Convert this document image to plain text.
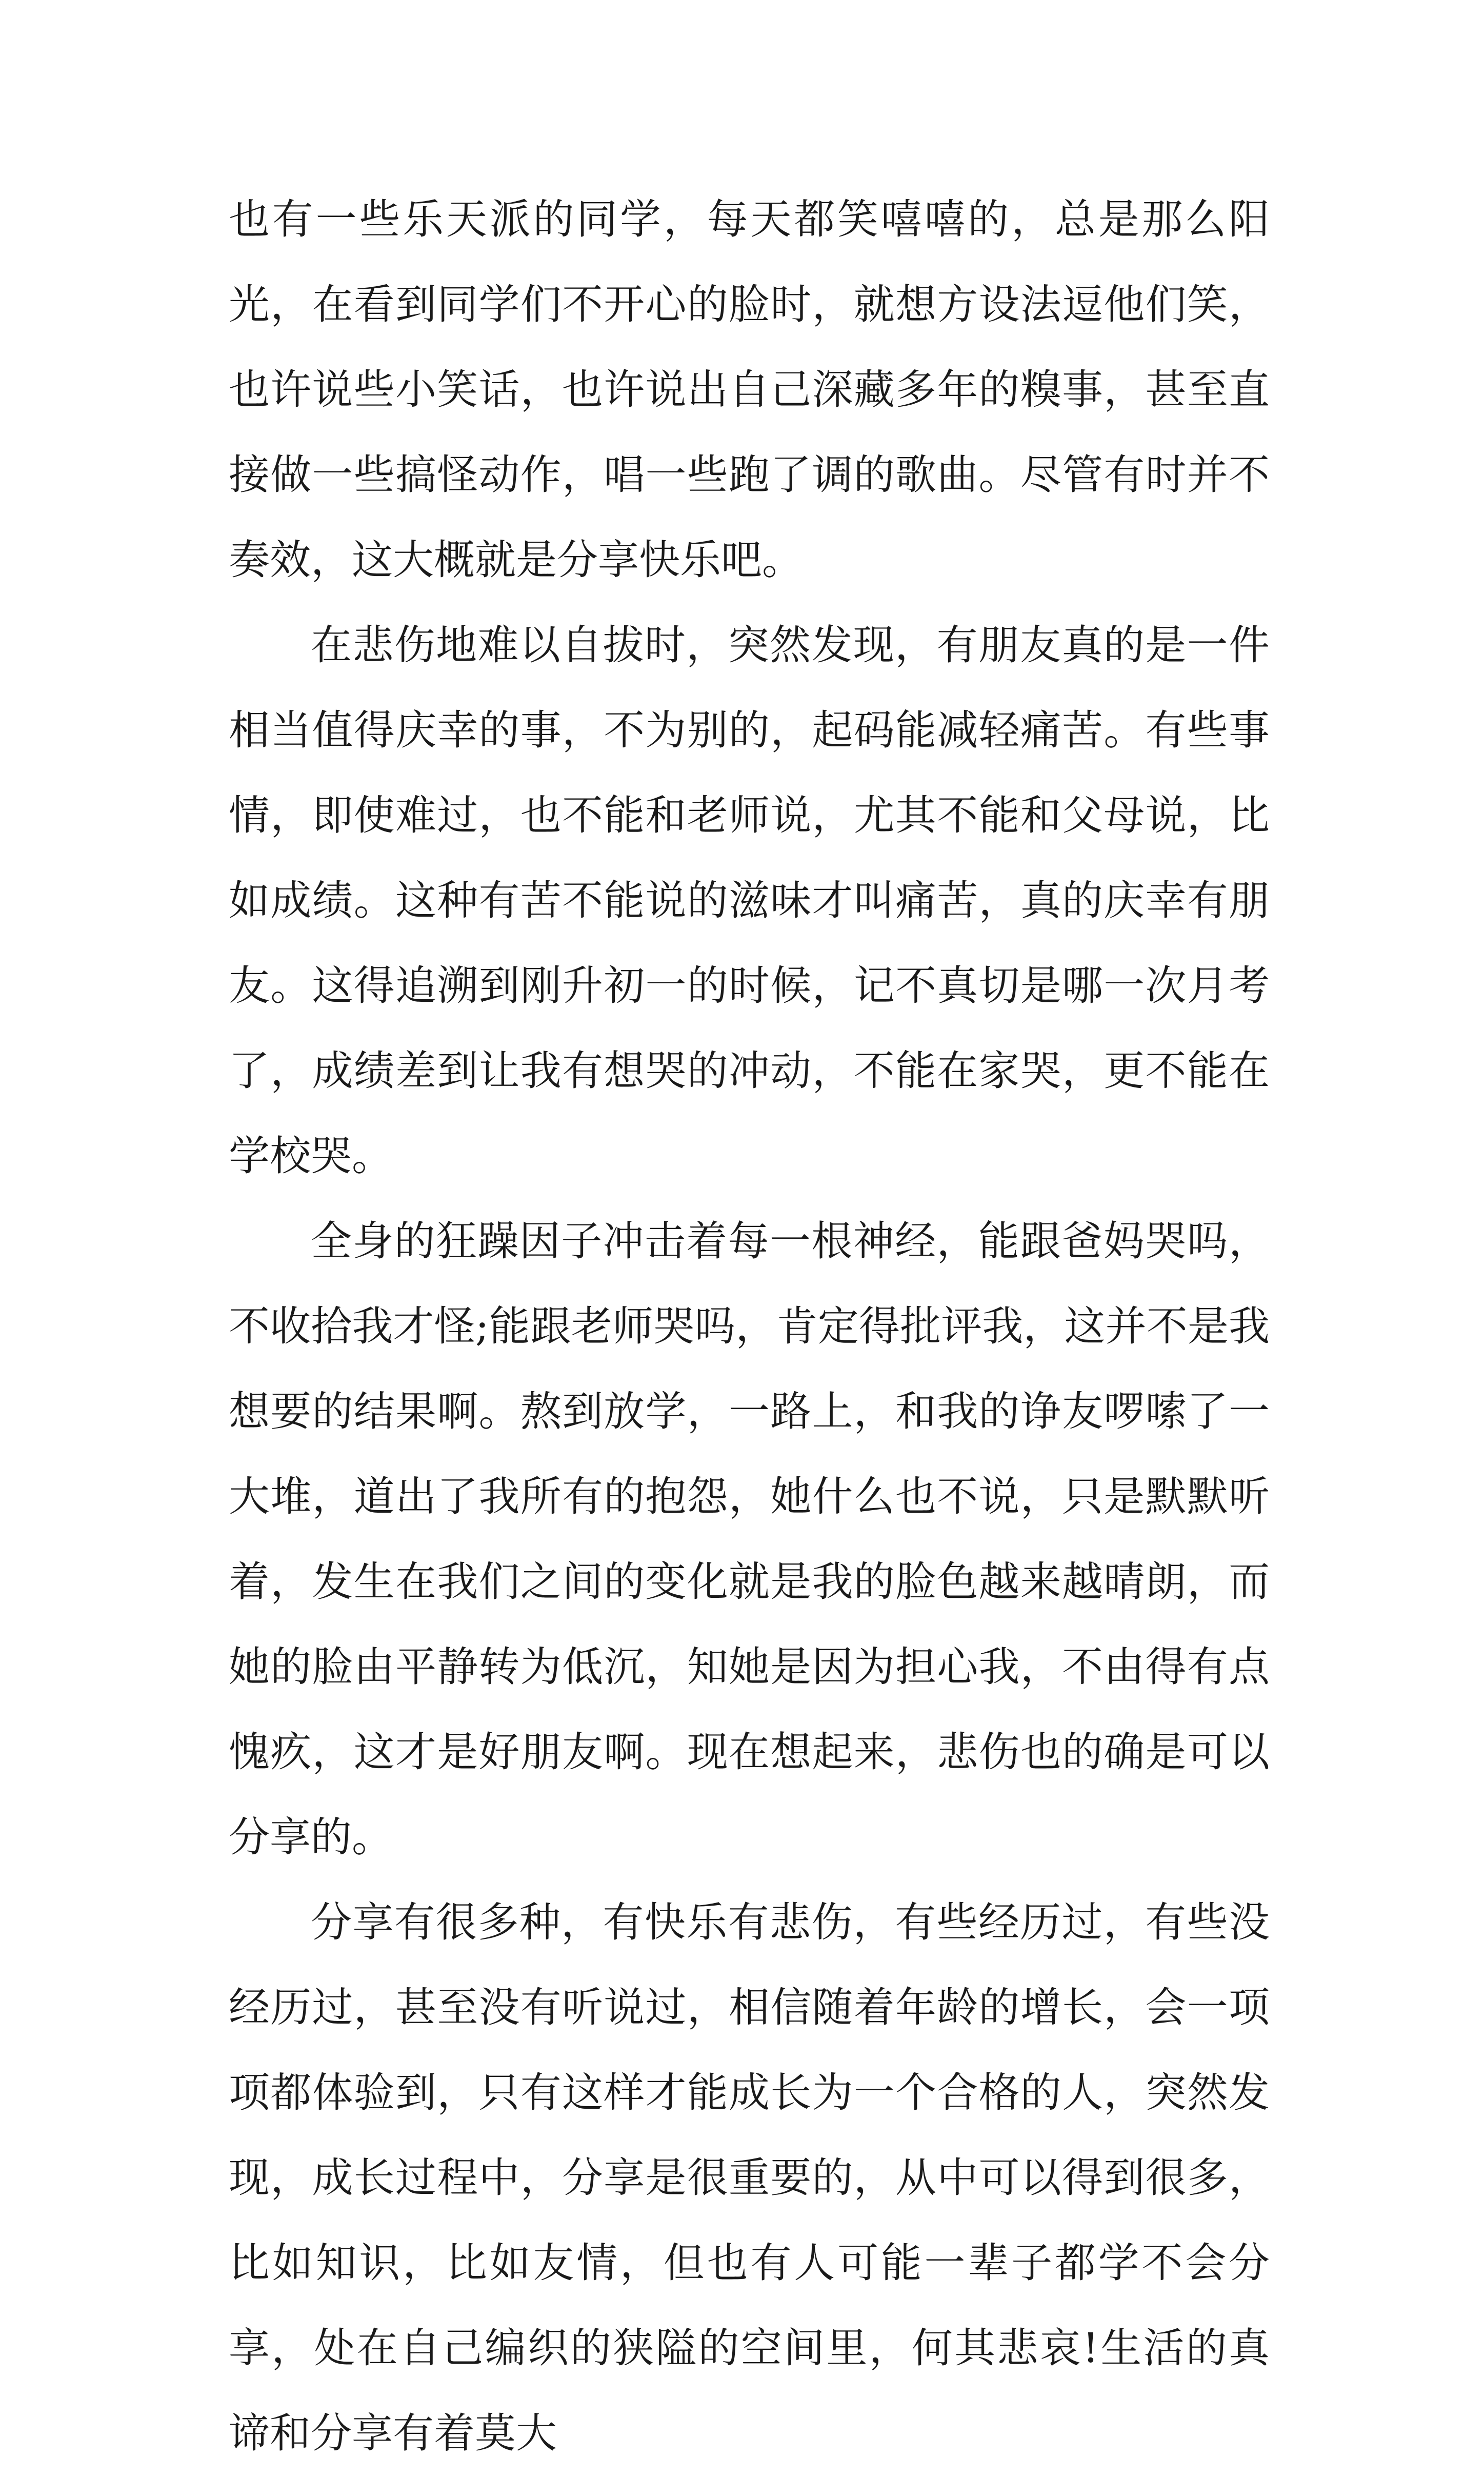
也有一些乐天派的同学，每天都笑嘻嘻的，总是那么阳光，在看到同学们不开心的脸时，就想方设法逗他们笑，也许说些小笑话，也许说出自己深藏多年的糗事，甚至直接做一些搞怪动作，唱一些跑了调的歌曲。尽管有时并不奏效，这大概就是分享快乐吧。

在悲伤地难以自拔时，突然发现，有朋友真的是一件相当值得庆幸的事，不为别的，起码能减轻痛苦。有些事情，即使难过，也不能和老师说，尤其不能和父母说，比如成绩。这种有苦不能说的滋味才叫痛苦，真的庆幸有朋友。这得追溯到刚升初一的时候，记不真切是哪一次月考了，成绩差到让我有想哭的冲动，不能在家哭，更不能在学校哭。

全身的狂躁因子冲击着每一根神经，能跟爸妈哭吗，不收拾我才怪;能跟老师哭吗，肯定得批评我，这并不是我想要的结果啊。熬到放学，一路上，和我的诤友啰嗦了一大堆，道出了我所有的抱怨，她什么也不说，只是默默听着，发生在我们之间的变化就是我的脸色越来越晴朗，而她的脸由平静转为低沉，知她是因为担心我，不由得有点愧疚，这才是好朋友啊。现在想起来，悲伤也的确是可以分享的。

分享有很多种，有快乐有悲伤，有些经历过，有些没经历过，甚至没有听说过，相信随着年龄的增长，会一项项都体验到，只有这样才能成长为一个合格的人，突然发现，成长过程中，分享是很重要的，从中可以得到很多，比如知识，比如友情，但也有人可能一辈子都学不会分享，处在自己编织的狭隘的空间里，何其悲哀!生活的真谛和分享有着莫大
